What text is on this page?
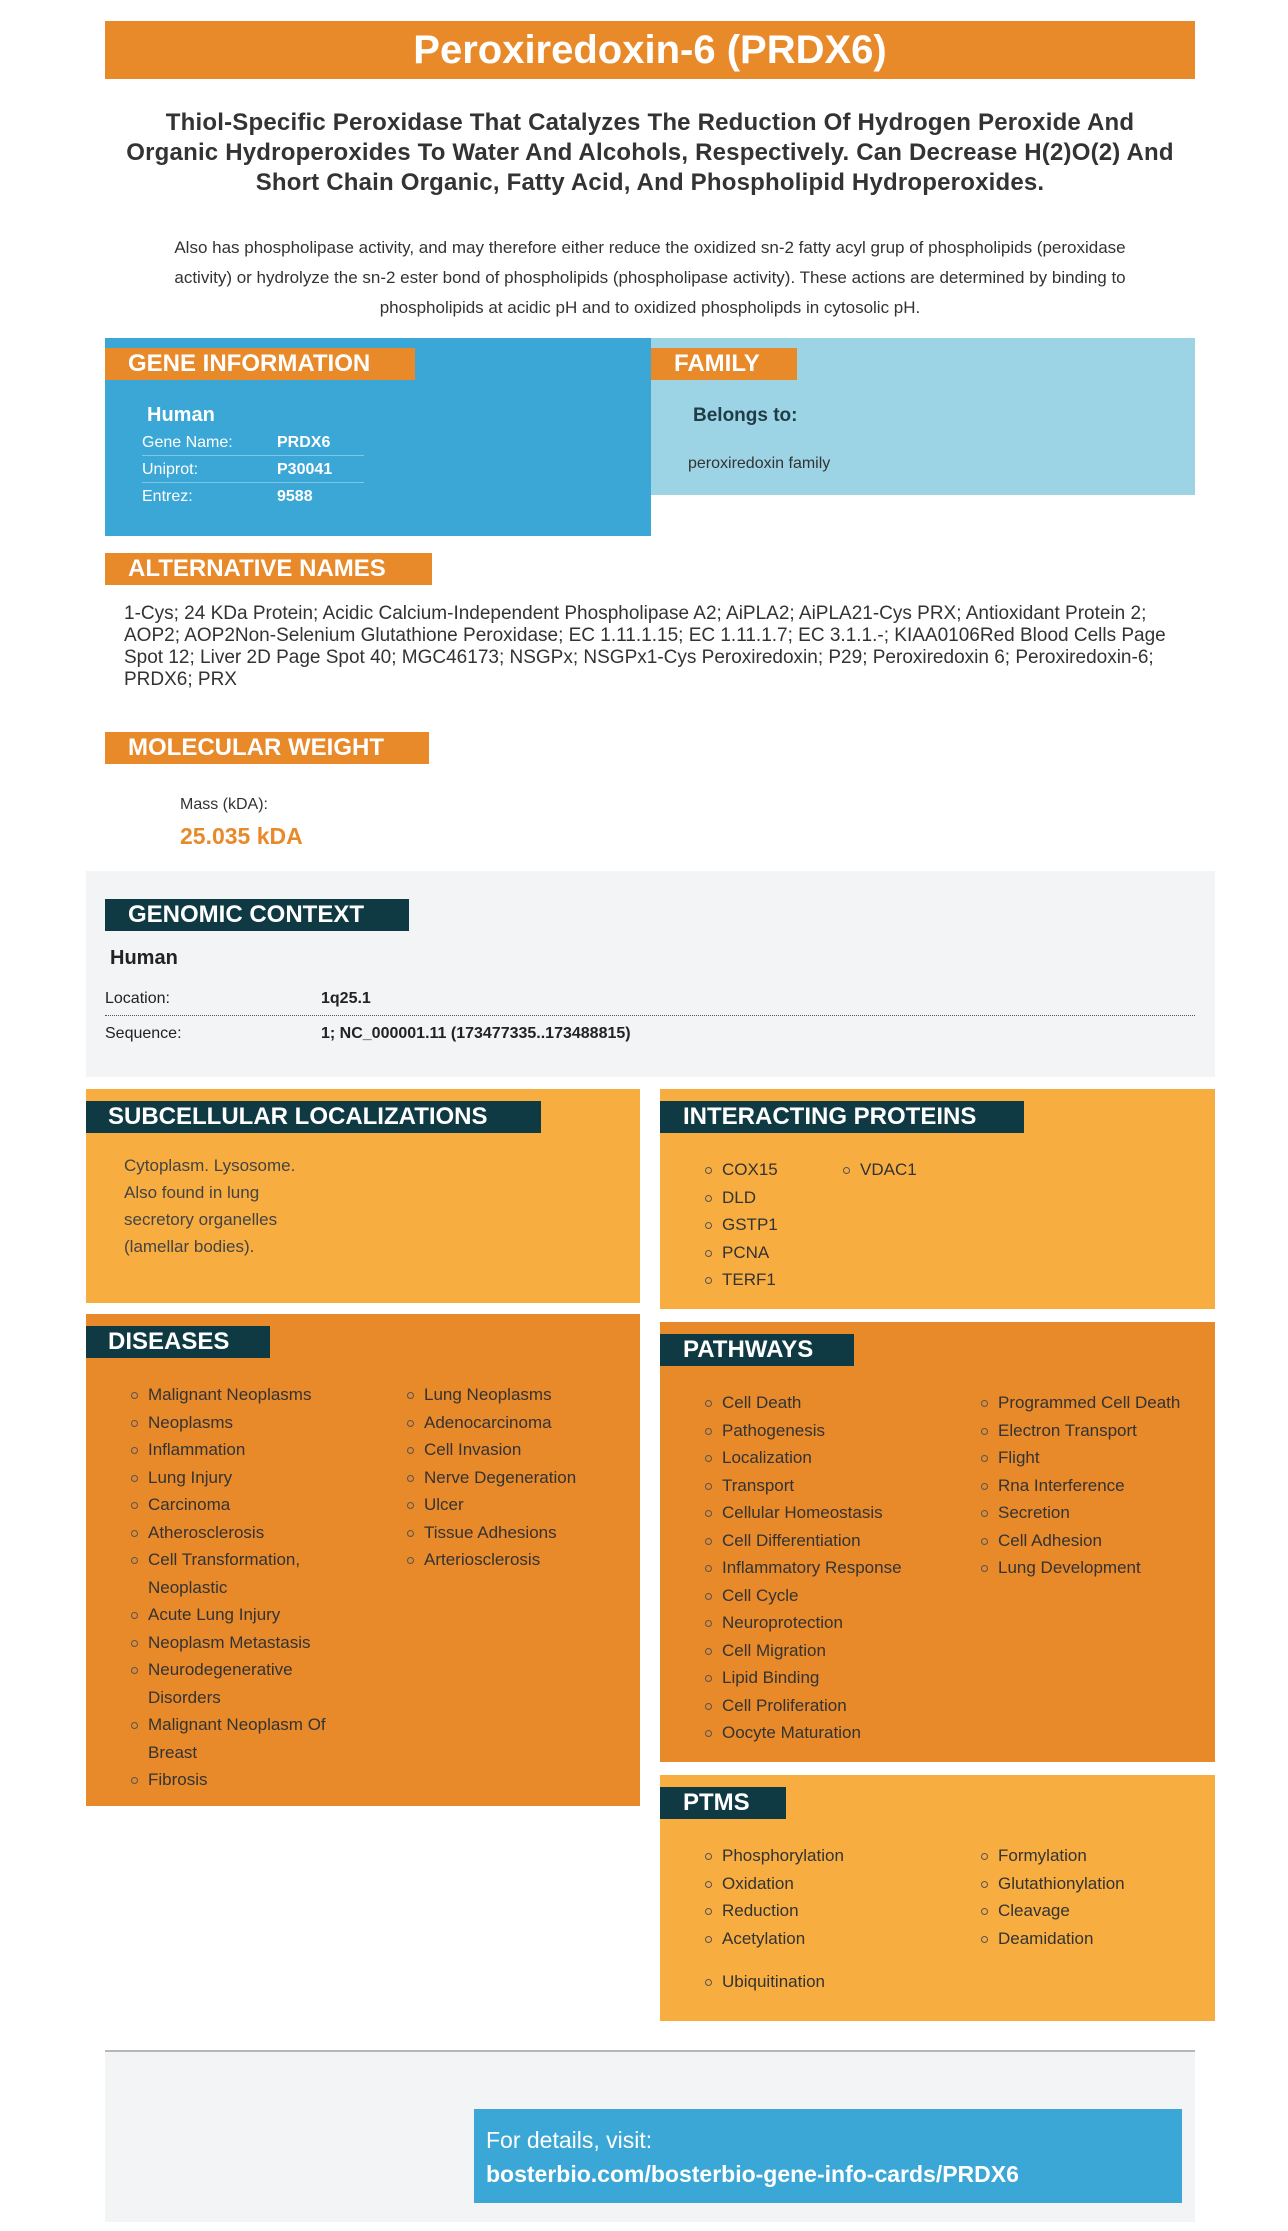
Peroxiredoxin-6 (PRDX6)
Thiol-Specific Peroxidase That Catalyzes The Reduction Of Hydrogen Peroxide And Organic Hydroperoxides To Water And Alcohols, Respectively. Can Decrease H(2)O(2) And Short Chain Organic, Fatty Acid, And Phospholipid Hydroperoxides.
Also has phospholipase activity, and may therefore either reduce the oxidized sn-2 fatty acyl grup of phospholipids (peroxidase activity) or hydrolyze the sn-2 ester bond of phospholipids (phospholipase activity). These actions are determined by binding to phospholipids at acidic pH and to oxidized phospholipds in cytosolic pH.
GENE INFORMATION
Human
Gene Name:	PRDX6
Uniprot:	P30041
Entrez:	9588
FAMILY
Belongs to:
peroxiredoxin family
ALTERNATIVE NAMES
1-Cys; 24 KDa Protein; Acidic Calcium-Independent Phospholipase A2; AiPLA2; AiPLA21-Cys PRX; Antioxidant Protein 2; AOP2; AOP2Non-Selenium Glutathione Peroxidase; EC 1.11.1.15; EC 1.11.1.7; EC 3.1.1.-; KIAA0106Red Blood Cells Page Spot 12; Liver 2D Page Spot 40; MGC46173; NSGPx; NSGPx1-Cys Peroxiredoxin; P29; Peroxiredoxin 6; Peroxiredoxin-6; PRDX6; PRX
MOLECULAR WEIGHT
Mass (kDA):
25.035 kDA
GENOMIC CONTEXT
Human
Location:	1q25.1
Sequence:	1; NC_000001.11 (173477335..173488815)
SUBCELLULAR LOCALIZATIONS
Cytoplasm. Lysosome.
Also found in lung
secretory organelles
(lamellar bodies).
INTERACTING PROTEINS
COX15
DLD
GSTP1
PCNA
TERF1
VDAC1
DISEASES
Malignant Neoplasms
Neoplasms
Inflammation
Lung Injury
Carcinoma
Atherosclerosis
Cell Transformation, Neoplastic
Acute Lung Injury
Neoplasm Metastasis
Neurodegenerative Disorders
Malignant Neoplasm Of Breast
Fibrosis
Lung Neoplasms
Adenocarcinoma
Cell Invasion
Nerve Degeneration
Ulcer
Tissue Adhesions
Arteriosclerosis
PATHWAYS
Cell Death
Pathogenesis
Localization
Transport
Cellular Homeostasis
Cell Differentiation
Inflammatory Response
Cell Cycle
Neuroprotection
Cell Migration
Lipid Binding
Cell Proliferation
Oocyte Maturation
Programmed Cell Death
Electron Transport
Flight
Rna Interference
Secretion
Cell Adhesion
Lung Development
PTMS
Phosphorylation
Oxidation
Reduction
Acetylation
Formylation
Glutathionylation
Cleavage
Deamidation
Ubiquitination
For details, visit:
bosterbio.com/bosterbio-gene-info-cards/PRDX6
